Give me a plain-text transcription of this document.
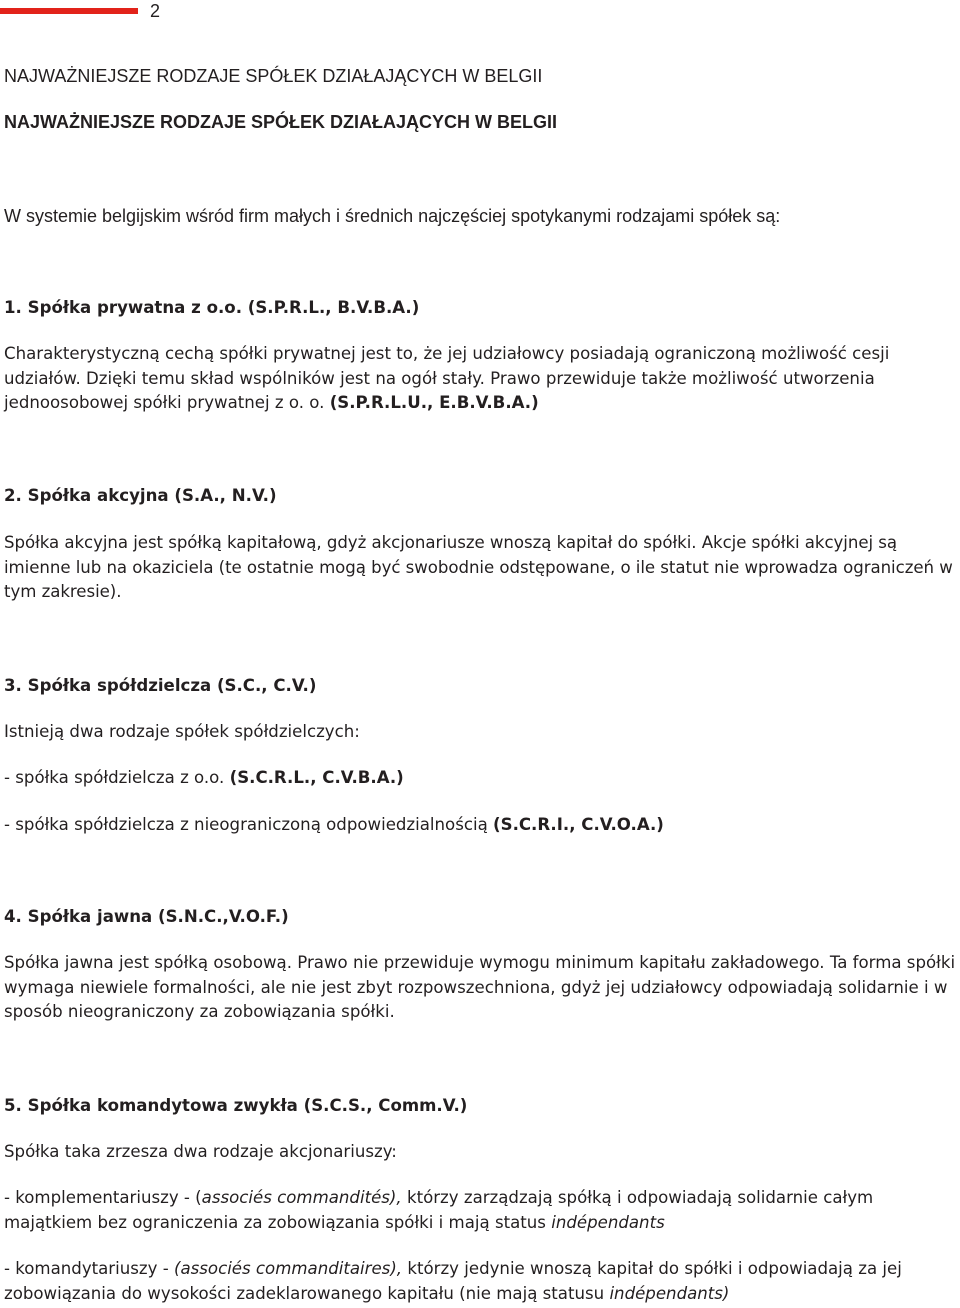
2
NAJWAŻNIEJSZE RODZAJE SPÓŁEK DZIAŁAJĄCYCH W BELGII
NAJWAŻNIEJSZE RODZAJE SPÓŁEK DZIAŁAJĄCYCH W BELGII
W systemie belgijskim wśród firm małych i średnich najczęściej spotykanymi rodzajami spółek są:
1. Spółka prywatna z o.o. (S.P.R.L., B.V.B.A.)

Charakterystyczną cechą spółki prywatnej jest to, że jej udziałowcy posiadają ograniczoną możliwość cesji udziałów. Dzięki temu skład wspólników jest na ogół stały. Prawo przewiduje także możliwość utworzenia jednoosobowej spółki prywatnej z o. o. (S.P.R.L.U., E.B.V.B.A.)

2. Spółka akcyjna (S.A., N.V.)

Spółka akcyjna jest spółką kapitałową, gdyż akcjonariusze wnoszą kapitał do spółki. Akcje spółki akcyjnej są imienne lub na okaziciela (te ostatnie mogą być swobodnie odstępowane, o ile statut nie wprowadza ograniczeń w tym zakresie).

3. Spółka spółdzielcza (S.C., C.V.)

Istnieją dwa rodzaje spółek spółdzielczych:

- spółka spółdzielcza z o.o. (S.C.R.L., C.V.B.A.)

- spółka spółdzielcza z nieograniczoną odpowiedzialnością (S.C.R.I., C.V.O.A.)

4. Spółka jawna (S.N.C.,V.O.F.)

Spółka jawna jest spółką osobową. Prawo nie przewiduje wymogu minimum kapitału zakładowego. Ta forma spółki wymaga niewiele formalności, ale nie jest zbyt rozpowszechniona, gdyż jej udziałowcy odpowiadają solidarnie i w sposób nieograniczony za zobowiązania spółki.

5. Spółka komandytowa zwykła (S.C.S., Comm.V.)

Spółka taka zrzesza dwa rodzaje akcjonariuszy:

- komplementariuszy - (associés commandités), którzy zarządzają spółką i odpowiadają solidarnie całym majątkiem bez ograniczenia za zobowiązania spółki i mają status indépendants

- komandytariuszy - (associés commanditaires), którzy jedynie wnoszą kapitał do spółki i odpowiadają za jej zobowiązania do wysokości zadeklarowanego kapitału (nie mają statusu indépendants)
